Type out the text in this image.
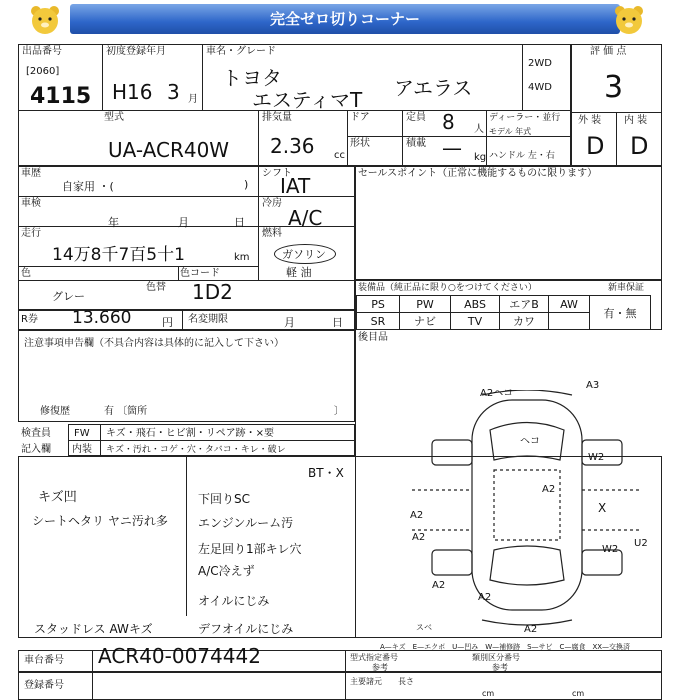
完全ゼロ切りコーナー
出品番号
[2060]
4115
初度登録年月
H16 3 月
車名・グレード
トヨタ
エスティマT アエラス
2WD
4WD
型式
UA-ACR40W
排気量
2.36 cc
ドア
形状
定員 8 人
積載 — kg
ディーラー・並行
モデル 年式
ハンドル 左・右
評 価 点
3
外 装 内 装
D D
車歴
自家用 ・(	)
シフト
IAT
車検
年	月	日
冷房
A/C
走行
14万8千7百5十1	km
燃料
ガソリン
軽 油
色
グレー
色替
色コード
1D2
セールスポイント（正常に機能するものに限ります）
装備品（純正品に限り○をつけてください）	新車保証
PS	PW	ABS	エアB	AW	有・無
SR	ナビ	TV	カワ		
後目品
R券 13.660	円 名変期限	月	日
注意事項申告欄（不具合内容は具体的に記入して下さい）
修復歴	有 〔箇所	〕
検査員
記入欄
FW キズ・飛石・ヒビ割・リペア跡・×要
内装 キズ・汚れ・コゲ・穴・タバコ・キレ・破レ
キズ凹
シートヘタリ ヤニ汚れ多
下回りSC
エンジンルーム汚
左足回り1部キレ穴
A/C冷えず
オイルにじみ
デフオイルにじみ
スタッドレス AWキズ
BT・X
A2ヘコ
A3
ヘコ
A2
W2
A2
X
A2
W2
U2
A2
A2
A2
スベ
A—キズ　E—エクボ　U—凹み　W—補修跡　S—サビ　C—腐食　XX—交換済
車台番号 ACR40-0074442	型式指定番号
参考
類別区分番号
参考
登録番号	主要諸元 長さ
cm	cm
